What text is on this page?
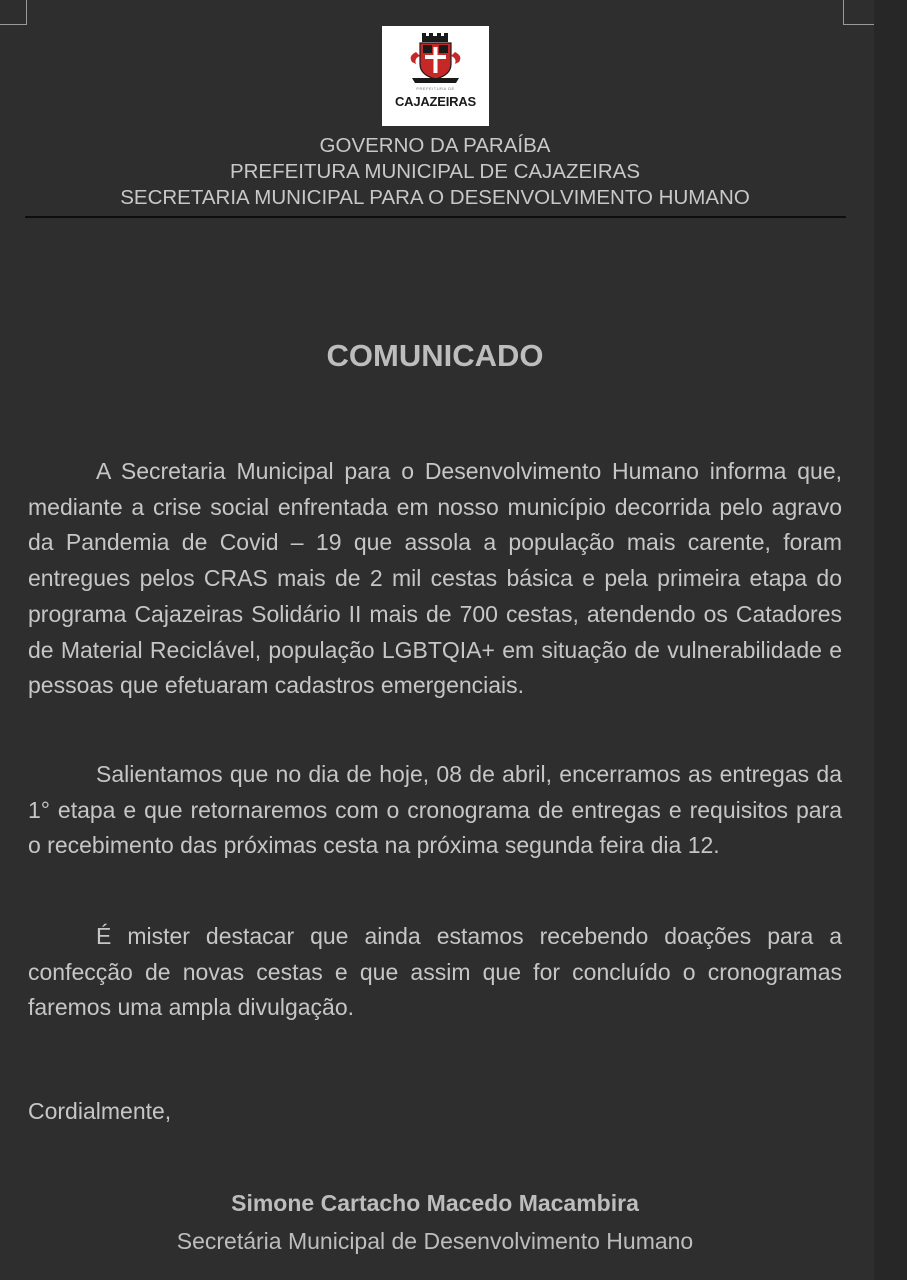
PREFEITURA DE
CAJAZEIRAS
GOVERNO DA PARAÍBA
PREFEITURA MUNICIPAL DE CAJAZEIRAS
SECRETARIA MUNICIPAL PARA O DESENVOLVIMENTO HUMANO
COMUNICADO

A Secretaria Municipal para o Desenvolvimento Humano informa que, mediante a crise social enfrentada em nosso município decorrida pelo agravo da Pandemia de Covid – 19 que assola a população mais carente, foram entregues pelos CRAS mais de 2 mil cestas básica e pela primeira etapa do programa Cajazeiras Solidário II mais de 700 cestas, atendendo os Catadores de Material Reciclável, população LGBTQIA+ em situação de vulnerabilidade e pessoas que efetuaram cadastros emergenciais.

Salientamos que no dia de hoje, 08 de abril, encerramos as entregas da 1° etapa e que retornaremos com o cronograma de entregas e requisitos para o recebimento das próximas cesta na próxima segunda feira dia 12.

É mister destacar que ainda estamos recebendo doações para a confecção de novas cestas e que assim que for concluído o cronogramas faremos uma ampla divulgação.

Cordialmente,
Simone Cartacho Macedo Macambira
Secretária Municipal de Desenvolvimento Humano
